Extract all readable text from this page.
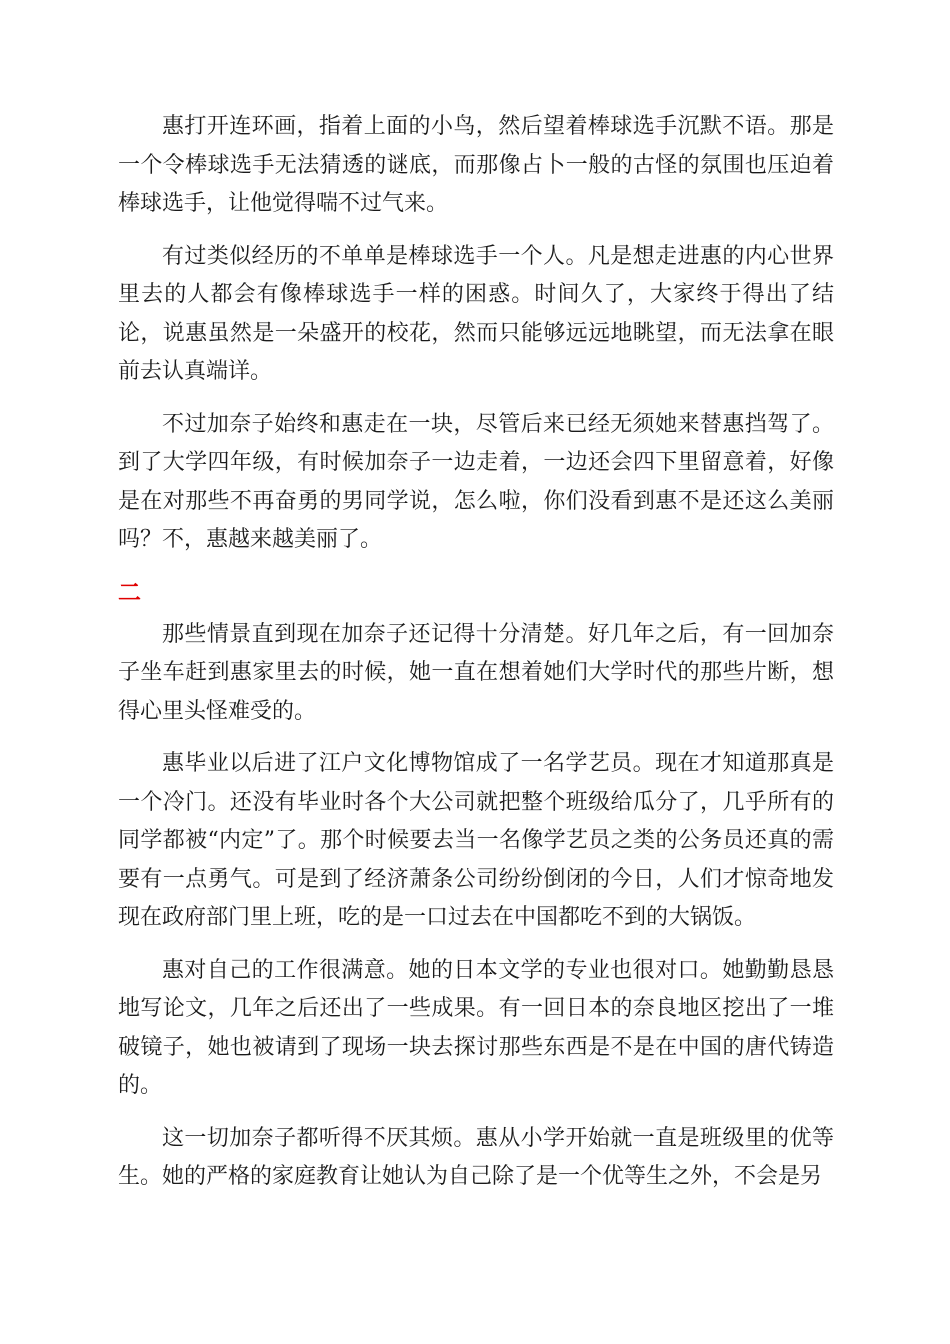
惠打开连环画，指着上面的小鸟，然后望着棒球选手沉默不语。那是一个令棒球选手无法猜透的谜底，而那像占卜一般的古怪的氛围也压迫着棒球选手，让他觉得喘不过气来。

有过类似经历的不单单是棒球选手一个人。凡是想走进惠的内心世界里去的人都会有像棒球选手一样的困惑。时间久了，大家终于得出了结论，说惠虽然是一朵盛开的校花，然而只能够远远地眺望，而无法拿在眼前去认真端详。

不过加奈子始终和惠走在一块，尽管后来已经无须她来替惠挡驾了。到了大学四年级，有时候加奈子一边走着，一边还会四下里留意着，好像是在对那些不再奋勇的男同学说，怎么啦，你们没看到惠不是还这么美丽吗？不，惠越来越美丽了。

二

那些情景直到现在加奈子还记得十分清楚。好几年之后，有一回加奈子坐车赶到惠家里去的时候，她一直在想着她们大学时代的那些片断，想得心里头怪难受的。

惠毕业以后进了江户文化博物馆成了一名学艺员。现在才知道那真是一个冷门。还没有毕业时各个大公司就把整个班级给瓜分了，几乎所有的同学都被“内定”了。那个时候要去当一名像学艺员之类的公务员还真的需要有一点勇气。可是到了经济萧条公司纷纷倒闭的今日，人们才惊奇地发现在政府部门里上班，吃的是一口过去在中国都吃不到的大锅饭。

惠对自己的工作很满意。她的日本文学的专业也很对口。她勤勤恳恳地写论文，几年之后还出了一些成果。有一回日本的奈良地区挖出了一堆破镜子，她也被请到了现场一块去探讨那些东西是不是在中国的唐代铸造的。

这一切加奈子都听得不厌其烦。惠从小学开始就一直是班级里的优等生。她的严格的家庭教育让她认为自己除了是一个优等生之外，不会是另
